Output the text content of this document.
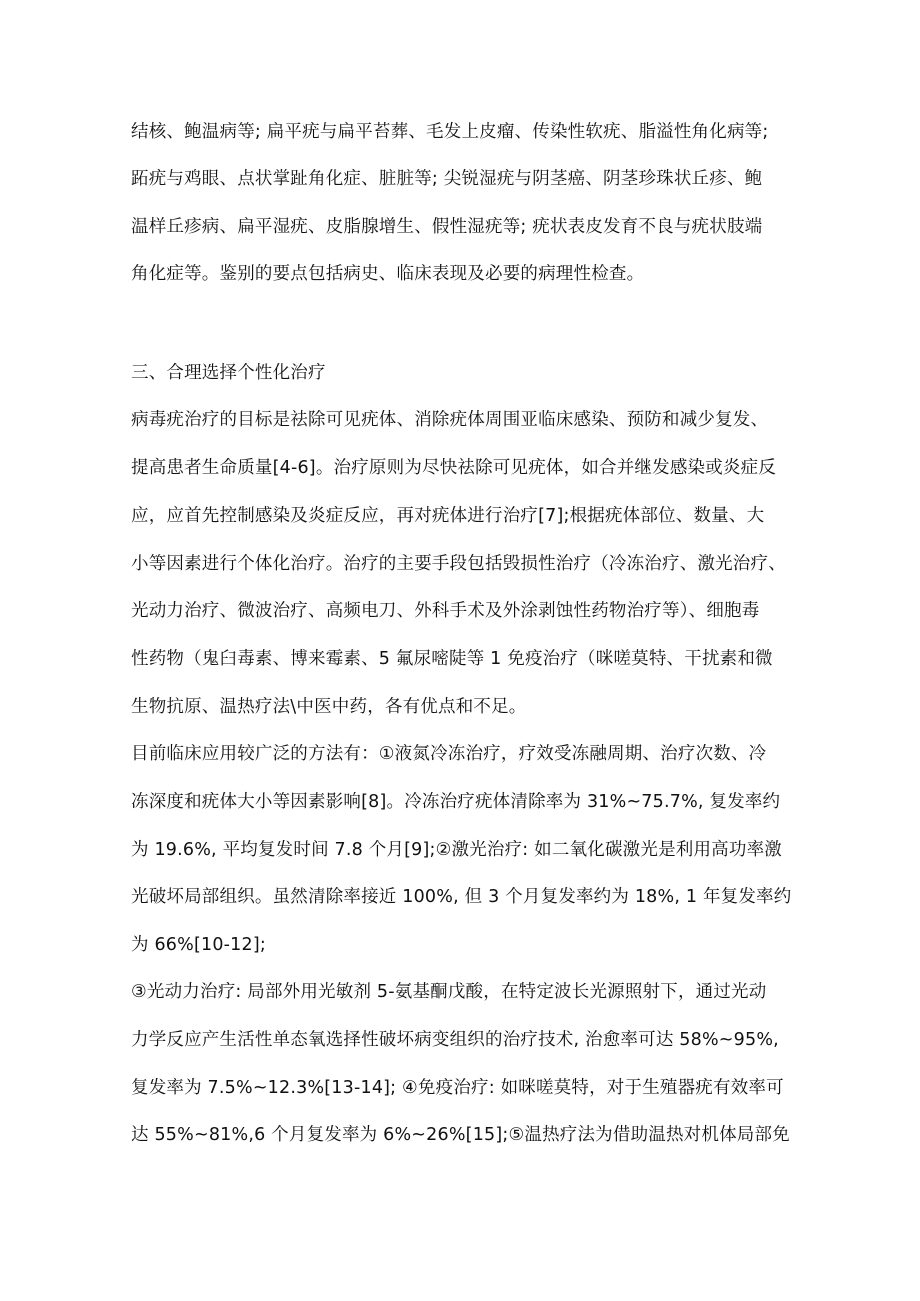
结核、鲍温病等; 扁平疣与扁平苔葬、毛发上皮瘤、传染性软疣、脂溢性角化病等;

跖疣与鸡眼、点状掌趾角化症、脏脏等; 尖锐湿疣与阴茎癌、阴茎珍珠状丘疹、鲍

温样丘疹病、扁平湿疣、皮脂腺增生、假性湿疣等; 疣状表皮发育不良与疣状肢端

角化症等。鉴别的要点包括病史、临床表现及必要的病理性检查。

三、合理选择个性化治疗

病毒疣治疗的目标是祛除可见疣体、消除疣体周围亚临床感染、预防和减少复发、

提高患者生命质量[4-6]。治疗原则为尽快祛除可见疣体，如合并继发感染或炎症反

应，应首先控制感染及炎症反应，再对疣体进行治疗[7];根据疣体部位、数量、大

小等因素进行个体化治疗。治疗的主要手段包括毁损性治疗（冷冻治疗、激光治疗、

光动力治疗、微波治疗、高频电刀、外科手术及外涂剥蚀性药物治疗等）、细胞毒

性药物（鬼臼毒素、博来霉素、5 氟尿嘧陡等 1 免疫治疗（咪嗟莫特、干扰素和微

生物抗原、温热疗法\中医中药，各有优点和不足。

目前临床应用较广泛的方法有：①液氮冷冻治疗，疗效受冻融周期、治疗次数、冷

冻深度和疣体大小等因素影响[8]。冷冻治疗疣体清除率为 31%~75.7%, 复发率约

为 19.6%, 平均复发时间 7.8 个月[9];②激光治疗: 如二氧化碳激光是利用高功率激

光破坏局部组织。虽然清除率接近 100%, 但 3 个月复发率约为 18%, 1 年复发率约

为 66%[10-12];

③光动力治疗: 局部外用光敏剂 5-氨基酮戊酸，在特定波长光源照射下，通过光动

力学反应产生活性单态氧选择性破坏病变组织的治疗技术, 治愈率可达 58%~95%,

复发率为 7.5%~12.3%[13-14]; ④免疫治疗: 如咪嗟莫特，对于生殖器疣有效率可

达 55%~81%,6 个月复发率为 6%~26%[15];⑤温热疗法为借助温热对机体局部免
